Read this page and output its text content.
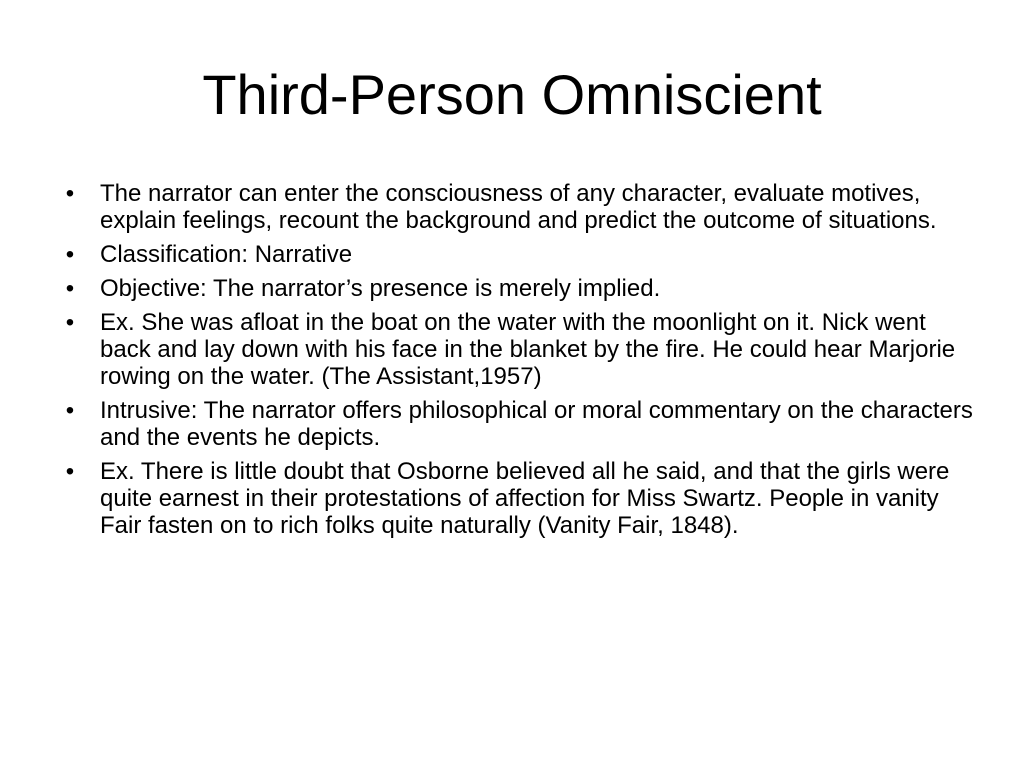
Third-Person Omniscient
• The narrator can enter the consciousness of any character, evaluate motives, explain feelings, recount the background and predict the outcome of situations.
• Classification: Narrative
• Objective: The narrator’s presence is merely implied.
• Ex. She was afloat in the boat on the water with the moonlight on it. Nick went back and lay down with his face in the blanket by the fire. He could hear Marjorie rowing on the water. (The Assistant,1957)
• Intrusive: The narrator offers philosophical or moral commentary on the characters and the events he depicts.
• Ex. There is little doubt that Osborne believed all he said, and that the girls were quite earnest in their protestations of affection for Miss Swartz. People in vanity Fair fasten on to rich folks quite naturally (Vanity Fair, 1848).
